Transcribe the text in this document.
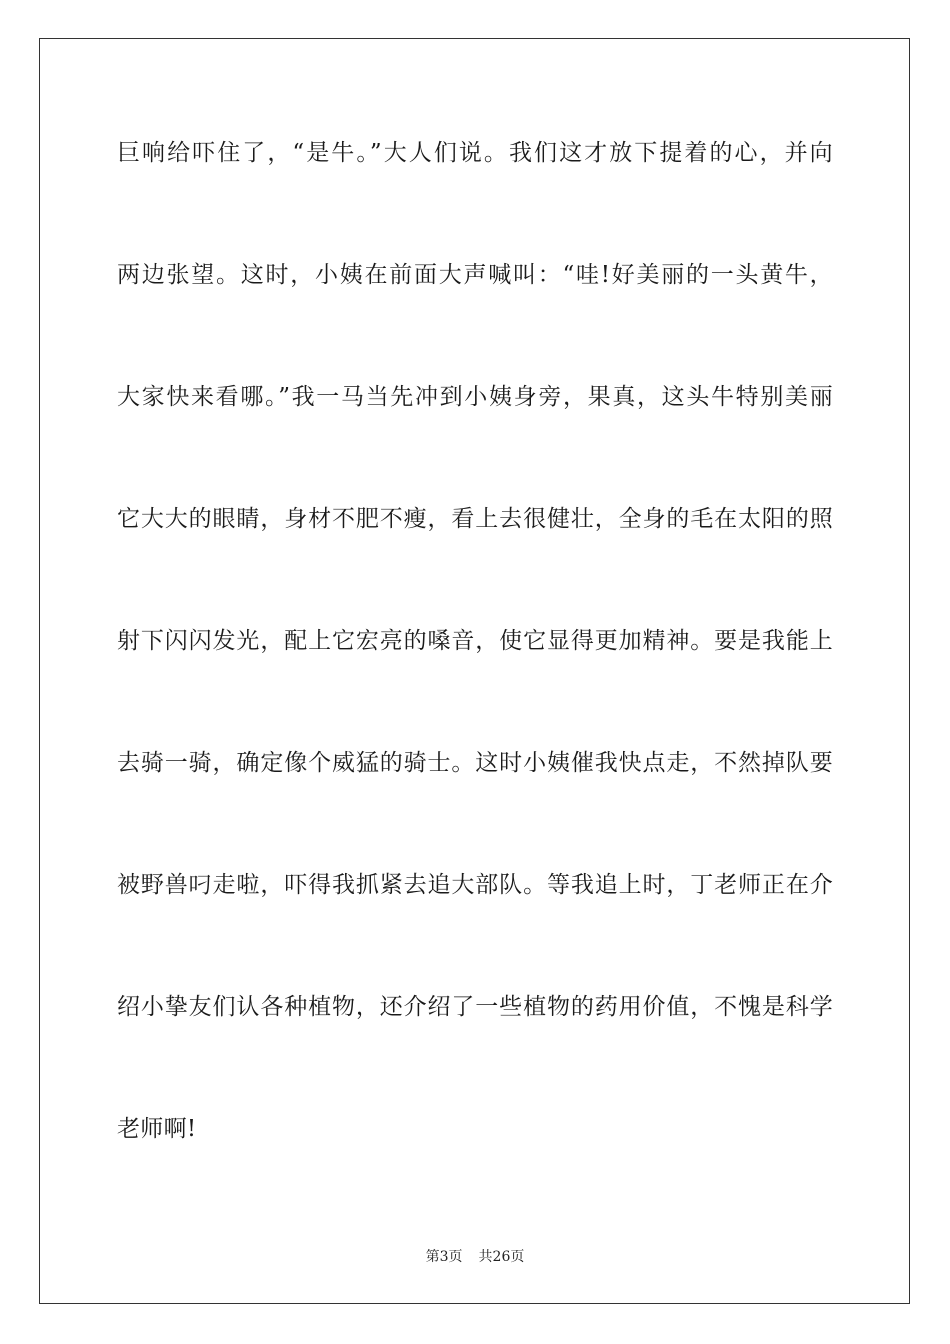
巨响给吓住了，“是牛。”大人们说。我们这才放下提着的心，并向
两边张望。这时，小姨在前面大声喊叫：“哇!好美丽的一头黄牛，
大家快来看哪。”我一马当先冲到小姨身旁，果真，这头牛特别美丽
它大大的眼睛，身材不肥不瘦，看上去很健壮，全身的毛在太阳的照
射下闪闪发光，配上它宏亮的嗓音，使它显得更加精神。要是我能上
去骑一骑，确定像个威猛的骑士。这时小姨催我快点走，不然掉队要
被野兽叼走啦，吓得我抓紧去追大部队。等我追上时，丁老师正在介
绍小挚友们认各种植物，还介绍了一些植物的药用价值，不愧是科学
老师啊!
第3页 共26页
